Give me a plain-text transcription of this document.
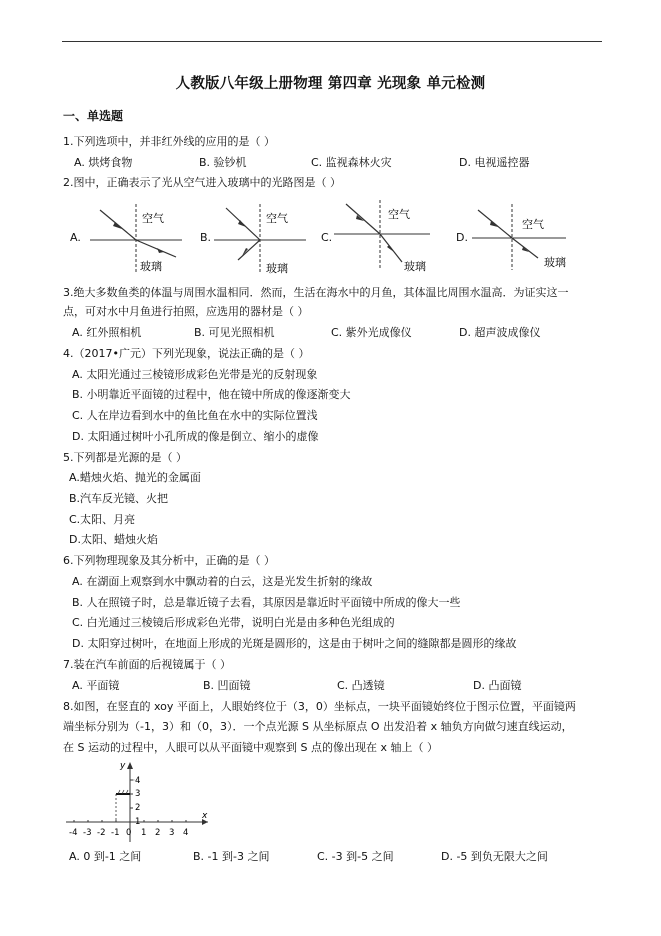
人教版八年级上册物理 第四章 光现象 单元检测
一、单选题
1.下列选项中，并非红外线的应用的是（ ）
A. 烘烤食物	B. 验钞机	C. 监视森林火灾	D. 电视遥控器
2.图中，正确表示了光从空气进入玻璃中的光路图是（ ）
A.
空气
玻璃
B.
空气
玻璃
C.
空气
玻璃
D.
空气
玻璃
3.绝大多数鱼类的体温与周围水温相同．然而，生活在海水中的月鱼，其体温比周围水温高．为证实这一
点，可对水中月鱼进行拍照，应选用的器材是（ ）
A. 红外照相机	B. 可见光照相机	C. 紫外光成像仪	D. 超声波成像仪
4.（2017•广元）下列光现象，说法正确的是（ ）
A. 太阳光通过三棱镜形成彩色光带是光的反射现象
B. 小明靠近平面镜的过程中，他在镜中所成的像逐渐变大
C. 人在岸边看到水中的鱼比鱼在水中的实际位置浅
D. 太阳通过树叶小孔所成的像是倒立、缩小的虚像
5.下列都是光源的是（ ）
A.蜡烛火焰、抛光的金属面
B.汽车反光镜、火把
C.太阳、月亮
D.太阳、蜡烛火焰
6.下列物理现象及其分析中，正确的是（ ）
A. 在湖面上观察到水中飘动着的白云，这是光发生折射的缘故
B. 人在照镜子时，总是靠近镜子去看，其原因是靠近时平面镜中所成的像大一些
C. 白光通过三棱镜后形成彩色光带，说明白光是由多种色光组成的
D. 太阳穿过树叶，在地面上形成的光斑是圆形的，这是由于树叶之间的缝隙都是圆形的缘故
7.装在汽车前面的后视镜属于（ ）
A. 平面镜	B. 凹面镜	C. 凸透镜	D. 凸面镜
8.如图，在竖直的 xoy 平面上，人眼始终位于（3，0）坐标点，一块平面镜始终位于图示位置，平面镜两
端坐标分别为（-1，3）和（0，3）．一个点光源 S 从坐标原点 O 出发沿着 x 轴负方向做匀速直线运动，
在 S 运动的过程中，人眼可以从平面镜中观察到 S 点的像出现在 x 轴上（ ）
x
y
-4 -3 -2 -1 0 1 2 3 4
4
3
2
1
A. 0 到-1 之间	B. -1 到-3 之间	C. -3 到-5 之间	D. -5 到负无限大之间
